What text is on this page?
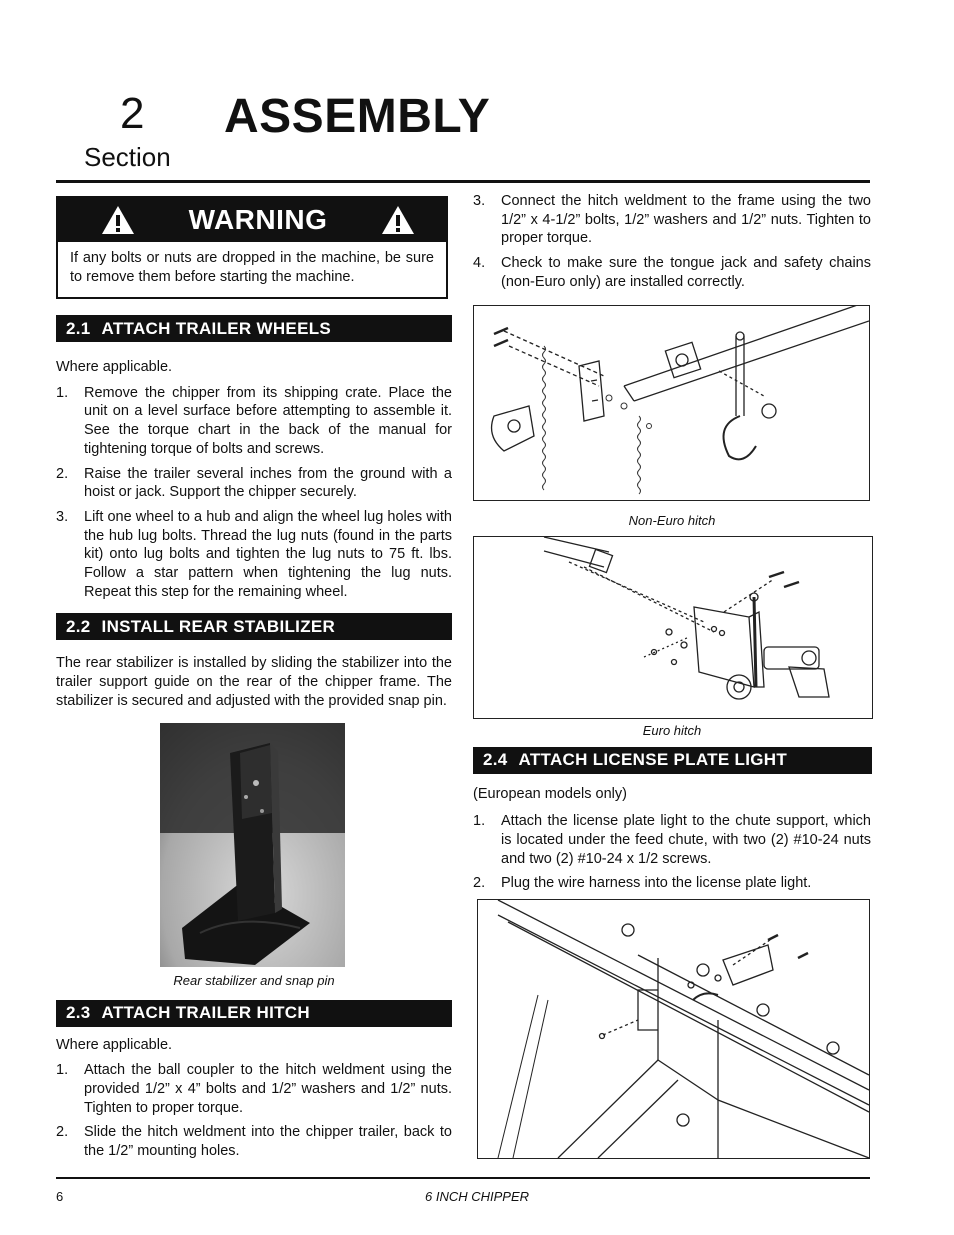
2
Section
ASSEMBLY
WARNING
If any bolts or nuts are dropped in the machine, be sure to remove them before starting the machine.
2.1 ATTACH TRAILER WHEELS

Where applicable.

1.	Remove the chipper from its shipping crate. Place the unit on a level surface before attempting to assemble it. See the torque chart in the back of the manual for tightening torque of bolts and screws.
2.	Raise the trailer several inches from the ground with a hoist or jack. Support the chipper securely.
3.	Lift one wheel to a hub and align the wheel lug holes with the hub lug bolts. Thread the lug nuts (found in the parts kit) onto lug bolts and tighten the lug nuts to 75 ft. lbs. Follow a star pattern when tightening the lug nuts. Repeat this step for the remaining wheel.
2.2 INSTALL REAR STABILIZER

The rear stabilizer is installed by sliding the stabilizer into the trailer support guide on the rear of the chipper frame. The stabilizer is secured and adjusted with the provided snap pin.

Rear stabilizer and snap pin
2.3 ATTACH TRAILER HITCH

Where applicable.

1.	Attach the ball coupler to the hitch weldment using the provided 1/2” x 4” bolts and 1/2” washers and 1/2” nuts. Tighten to proper torque.
2.	Slide the hitch weldment into the chipper trailer, back to the 1/2” mounting holes.
3.	Connect the hitch weldment to the frame using the two 1/2” x 4-1/2” bolts, 1/2” washers and 1/2” nuts. Tighten to proper torque.
4.	Check to make sure the tongue jack and safety chains (non-Euro only) are installed correctly.
Non-Euro hitch
Euro hitch
2.4 ATTACH LICENSE PLATE LIGHT

(European models only)

1.	Attach the license plate light to the chute support, which is located under the feed chute, with two (2) #10-24 nuts and two (2) #10-24 x 1/2 screws.
2.	Plug the wire harness into the license plate light.
6	6 INCH CHIPPER
